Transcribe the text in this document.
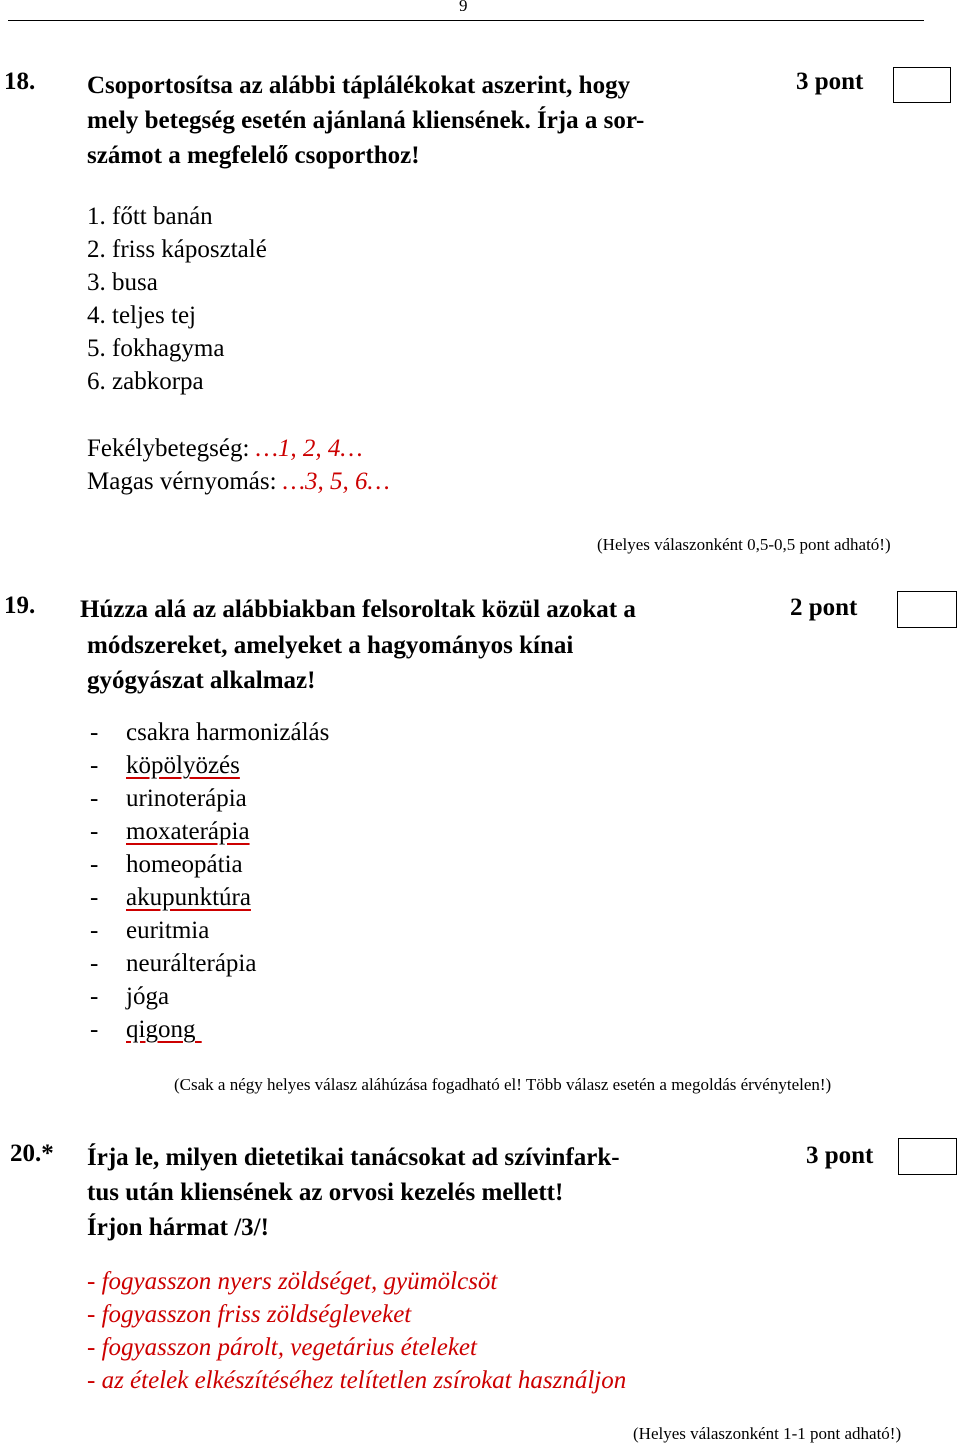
9
18. Csoportosítsa az alábbi táplálékokat aszerint, hogy
mely betegség esetén ajánlaná kliensének. Írja a sor-
számot a megfelelő csoporthoz!
3 pont
1. főtt banán
2. friss káposztalé
3. busa
4. teljes tej
5. fokhagyma
6. zabkorpa
Fekélybetegség: …1, 2, 4…
Magas vérnyomás: …3, 5, 6…
(Helyes válaszonként 0,5-0,5 pont adható!)
19. Húzza alá az alábbiakban felsoroltak közül azokat a
módszereket, amelyeket a hagyományos kínai
gyógyászat alkalmaz!
2 pont
- csakra harmonizálás
- köpölyözés
- urinoterápia
- moxaterápia
- homeopátia
- akupunktúra
- euritmia
- neurálterápia
- jóga
- qigong
(Csak a négy helyes válasz aláhúzása fogadható el! Több válasz esetén a megoldás érvénytelen!)
20.* Írja le, milyen dietetikai tanácsokat ad szívinfark-
tus után kliensének az orvosi kezelés mellett!
Írjon hármat /3/!
3 pont
- fogyasszon nyers zöldséget, gyümölcsöt
- fogyasszon friss zöldségleveket
- fogyasszon párolt, vegetárius ételeket
- az ételek elkészítéséhez telítetlen zsírokat használjon
(Helyes válaszonként 1-1 pont adható!)
